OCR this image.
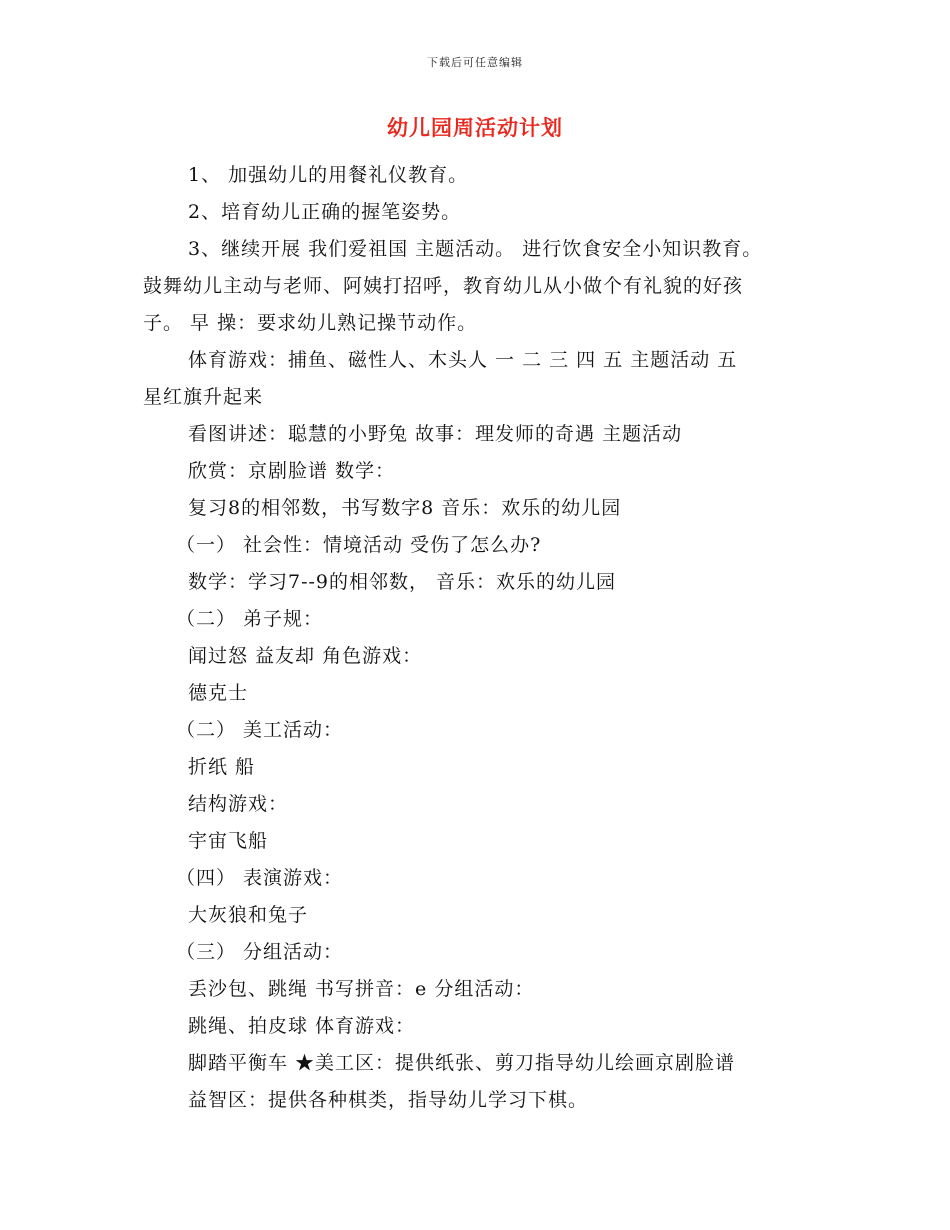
下载后可任意编辑
幼儿园周活动计划
1、 加强幼儿的用餐礼仪教育。
2、培育幼儿正确的握笔姿势。
3、继续开展 我们爱祖国 主题活动。 进行饮食安全小知识教育。
鼓舞幼儿主动与老师、阿姨打招呼，教育幼儿从小做个有礼貌的好孩
子。 早 操：要求幼儿熟记操节动作。
体育游戏：捕鱼、磁性人、木头人 一 二 三 四 五 主题活动 五
星红旗升起来
看图讲述：聪慧的小野兔 故事：理发师的奇遇 主题活动
欣赏：京剧脸谱 数学：
复习8的相邻数，书写数字8 音乐：欢乐的幼儿园
（一） 社会性：情境活动 受伤了怎么办?
数学：学习7--9的相邻数， 音乐：欢乐的幼儿园
（二） 弟子规：
闻过怒 益友却 角色游戏：
德克士
（二） 美工活动：
折纸 船
结构游戏：
宇宙飞船
（四） 表演游戏：
大灰狼和兔子
（三） 分组活动：
丢沙包、跳绳 书写拼音：e 分组活动：
跳绳、拍皮球 体育游戏：
脚踏平衡车 ★美工区：提供纸张、剪刀指导幼儿绘画京剧脸谱
益智区：提供各种棋类，指导幼儿学习下棋。
